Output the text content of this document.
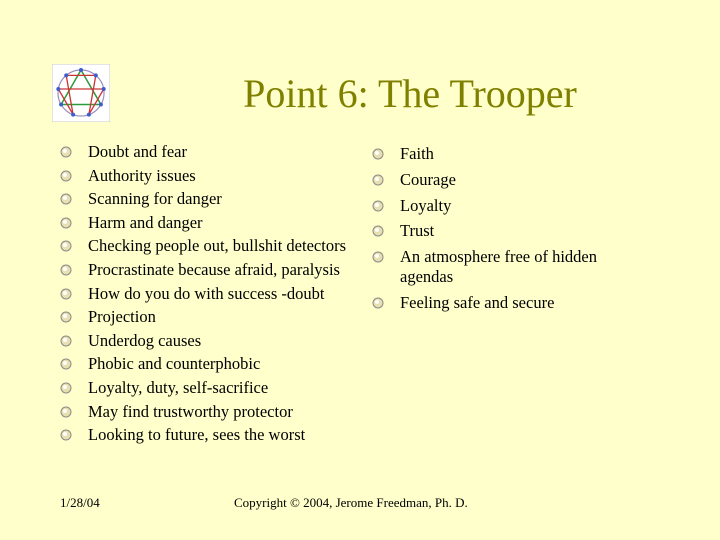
Point 6: The Trooper
Doubt and fear
Authority issues
Scanning for danger
Harm and danger
Checking people out, bullshit detectors
Procrastinate because afraid, paralysis
How do you do with success -doubt
Projection
Underdog causes
Phobic and counterphobic
Loyalty, duty, self-sacrifice
May find trustworthy protector
Looking to future, sees the worst
Faith
Courage
Loyalty
Trust
An atmosphere free of hidden agendas
Feeling safe and secure
1/28/04	Copyright © 2004, Jerome Freedman, Ph. D.
